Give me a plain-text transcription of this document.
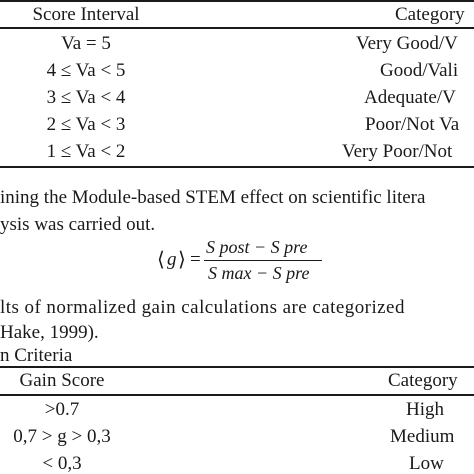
Score Interval	Category
Va = 5	Very Good/V
4 ≤ Va < 5	Good/Vali
3 ≤ Va < 4	Adequate/V
2 ≤ Va < 3	Poor/Not Va
1 ≤ Va < 2	Very Poor/Not
ining the Module-based STEM effect on scientific litera
ysis was carried out.
⟨ g ⟩ =
S post − S pre
S max − S pre
lts of normalized gain calculations are categorized
Hake, 1999).
n Criteria
Gain Score	Category
>0.7	High
0,7 > g > 0,3	Medium
< 0,3	Low
